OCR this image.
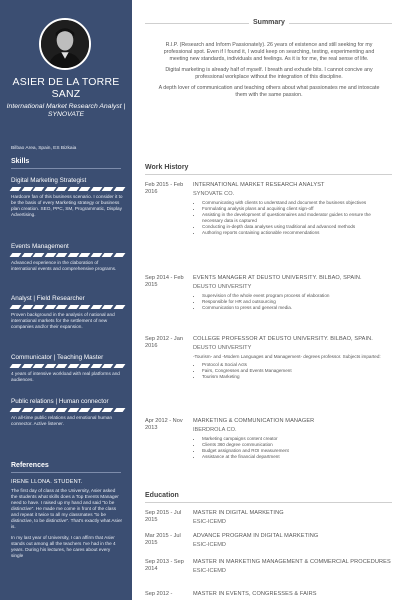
ASIER DE LA TORRE SANZ
International Market Research Analyst | SYNOVATE
Bilbao Area, Spain, ES Bizkaia
Skills
Digital Marketing Strategist
Hardcore fan of this business scenario. I consider it to be the basis of every Marketing strategy or business plan creation. SEO, PPC, SM, Programmatic, Display Advertising.
Events Management
Advanced experience in the claboration of international events and comprehensive programs.
Analyst | Field Researcher
Proven background in the analysis of national and international markets for the settlement of new companies and/or their expansion.
Communicator | Teaching Master
4 years of intensive workload with real platforms and audiences.
Public relations | Human connector
An all-time public relations and emotional human connector. Active listener.
References
IRENE LLONA. STUDENT.

The first day of class at the University, Asier asked the students what skills does a Top Events Manager need to have. I raised up my hand and said "to be distinctive". He made me come in front of the class and repeat it twice to all my classmates "to be distinctive, to be distinctive". That's exactly what Asier is.

In my last year of University, I can affirm that Asier stands out among all the teachers I've had in the 4 years. During his lectures, he cares about every single

Summary

R.I.P. (Research and Inform Passionately). 26 years of existence and still seeking for my professional spot. Even if I found it, I would keep on searching, testing, experimenting and meeting new standards, individuals and feelings. As it is for me, the real sense of life.

Digital marketing is already half of myself. I breath and exhude bits. I cannot concive any professional workplace without the integration of this discipline.

A depth lover of communication and teaching others about what passionates me and intoxcate them with the same passion.

Work History
Feb 2015 - Feb 2016
INTERNATIONAL MARKET RESEARCH ANALYST
SYNOVATE CO.
• Communicating with clients to understand and document the business objectives
• Formulating analysis plans and acquiring client sign-off
• Assisting in the development of questionnaires and moderator guides to ensure the necessary data is captured
• Conducting in-depth data analyses using traditional and advanced methods
• Authoring reports containing actionable recommendations
Sep 2014 - Feb 2015
EVENTS MANAGER AT DEUSTO UNIVERSITY. BILBAO, SPAIN.
DEUSTO UNIVERSITY
• Supervision of the whole event program process of elaboration
• Responsible for HR and outsourcing
• Communication to press and general media.
Sep 2012 - Jan 2016
COLLEGE PROFESSOR AT DEUSTO UNIVERSITY. BILBAO, SPAIN.
DEUSTO UNIVERSITY
-Tourism- and -Modern Languages and Management- degrees professor. Subjects imparted:
• Protocol & Social Acts
• Fairs, Congresses and Events Management
• Tourism Marketing
Apr 2012 - Nov 2013
MARKETING & COMMUNICATION MANAGER
IBERDROLA CO.
• Marketing campaigns content creator
• Clients 360 degree communication
• Budget assignation and ROI measurement
• Assistance at the financial department
Education
Sep 2015 - Jul 2015
MASTER IN DIGITAL MARKETING
ESIC-ICEMD
Mar 2015 - Jul 2015
ADVANCE PROGRAM IN DIGITAL MARKETING
ESIC-ICEMD
Sep 2013 - Sep 2014
MASTER IN MARKETING MANAGEMENT & COMMERCIAL PROCEDURES
ESIC-ICEMD
Sep 2012 -	MASTER IN EVENTS, CONGRESSES & FAIRS
